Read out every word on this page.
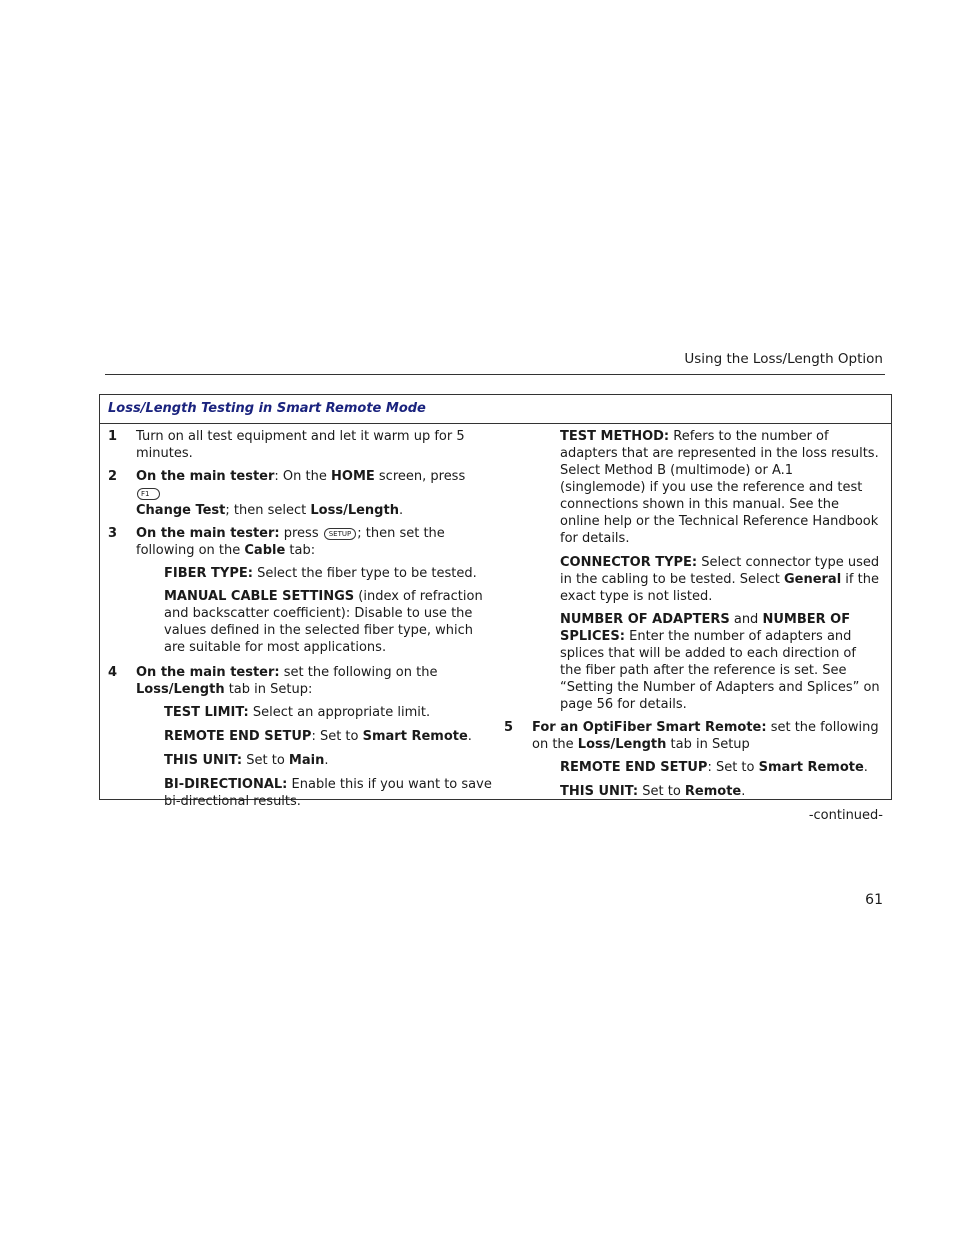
Using the Loss/Length Option
Loss/Length Testing in Smart Remote Mode
1 Turn on all test equipment and let it warm up for 5 minutes.
2 On the main tester: On the HOME screen, press F1
Change Test; then select Loss/Length.
3 On the main tester: press SETUP ; then set the following on the Cable tab:
FIBER TYPE: Select the fiber type to be tested.
MANUAL CABLE SETTINGS (index of refraction and backscatter coefficient): Disable to use the values defined in the selected fiber type, which are suitable for most applications.
4 On the main tester: set the following on the Loss/Length tab in Setup:
TEST LIMIT: Select an appropriate limit.
REMOTE END SETUP: Set to Smart Remote.
THIS UNIT: Set to Main.
BI-DIRECTIONAL: Enable this if you want to save bi-directional results.
TEST METHOD: Refers to the number of adapters that are represented in the loss results. Select Method B (multimode) or A.1 (singlemode) if you use the reference and test connections shown in this manual. See the online help or the Technical Reference Handbook for details.
CONNECTOR TYPE: Select connector type used in the cabling to be tested. Select General if the exact type is not listed.
NUMBER OF ADAPTERS and NUMBER OF SPLICES: Enter the number of adapters and splices that will be added to each direction of the fiber path after the reference is set. See “Setting the Number of Adapters and Splices” on page 56 for details.
5 For an OptiFiber Smart Remote: set the following on the Loss/Length tab in Setup
REMOTE END SETUP: Set to Smart Remote.
THIS UNIT: Set to Remote.
-continued-
61
